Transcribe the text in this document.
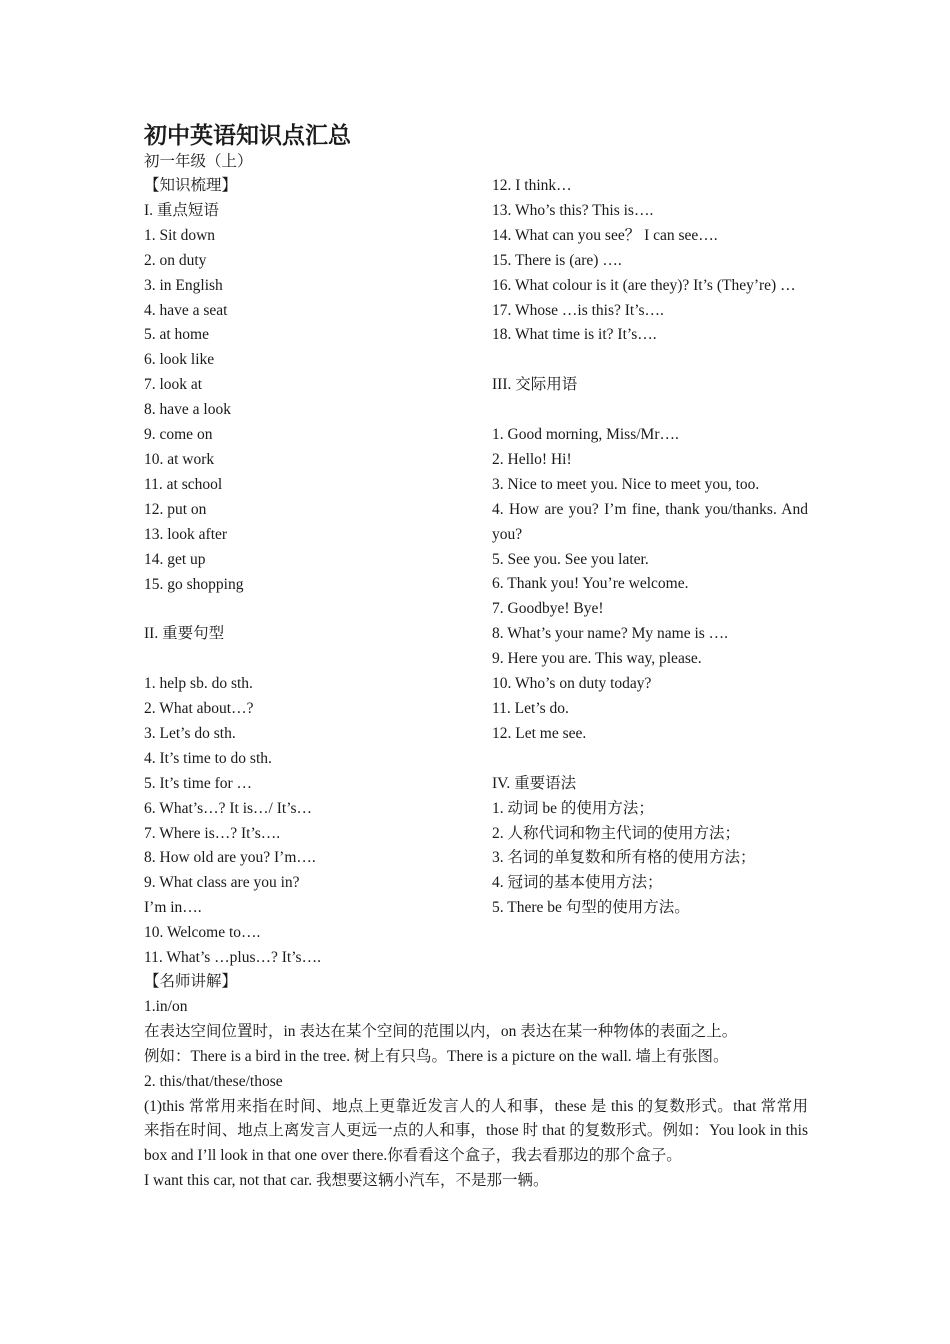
初中英语知识点汇总
初一年级（上）
【知识梳理】
I. 重点短语
1. Sit down
2. on duty
3. in English
4. have a seat
5. at home
6. look like
7. look at
8. have a look
9. come on
10. at work
11. at school
12. put on
13. look after
14. get up
15. go shopping
II. 重要句型
1. help sb. do sth.
2. What about…?
3. Let’s do sth.
4. It’s time to do sth.
5. It’s time for …
6. What’s…? It is…/ It’s…
7. Where is…? It’s….
8. How old are you? I’m….
9. What class are you in?
I’m in….
10. Welcome to….
11. What’s …plus…? It’s….
12. I think…
13. Who’s this? This is….
14. What can you see？ I can see….
15. There is (are) ….
16. What colour is it (are they)? It’s (They’re) …
17. Whose …is this? It’s….
18. What time is it? It’s….
III. 交际用语
1. Good morning, Miss/Mr….
2. Hello! Hi!
3. Nice to meet you. Nice to meet you, too.
4. How are you? I’m fine, thank you/thanks. And you?
5. See you. See you later.
6. Thank you! You’re welcome.
7. Goodbye! Bye!
8. What’s your name? My name is ….
9. Here you are. This way, please.
10. Who’s on duty today?
11. Let’s do.
12. Let me see.
IV. 重要语法
1. 动词 be 的使用方法；
2. 人称代词和物主代词的使用方法；
3. 名词的单复数和所有格的使用方法；
4. 冠词的基本使用方法；
5. There be 句型的使用方法。
【名师讲解】
1.in/on
在表达空间位置时，in 表达在某个空间的范围以内，on 表达在某一种物体的表面之上。
例如：There is a bird in the tree. 树上有只鸟。There is a picture on the wall. 墙上有张图。
2. this/that/these/those
(1)this 常常用来指在时间、地点上更靠近发言人的人和事，these 是 this 的复数形式。that 常常用来指在时间、地点上离发言人更远一点的人和事，those 时 that 的复数形式。例如：You look in this box and I’ll look in that one over there.你看看这个盒子，我去看那边的那个盒子。
I want this car, not that car. 我想要这辆小汽车，不是那一辆。
